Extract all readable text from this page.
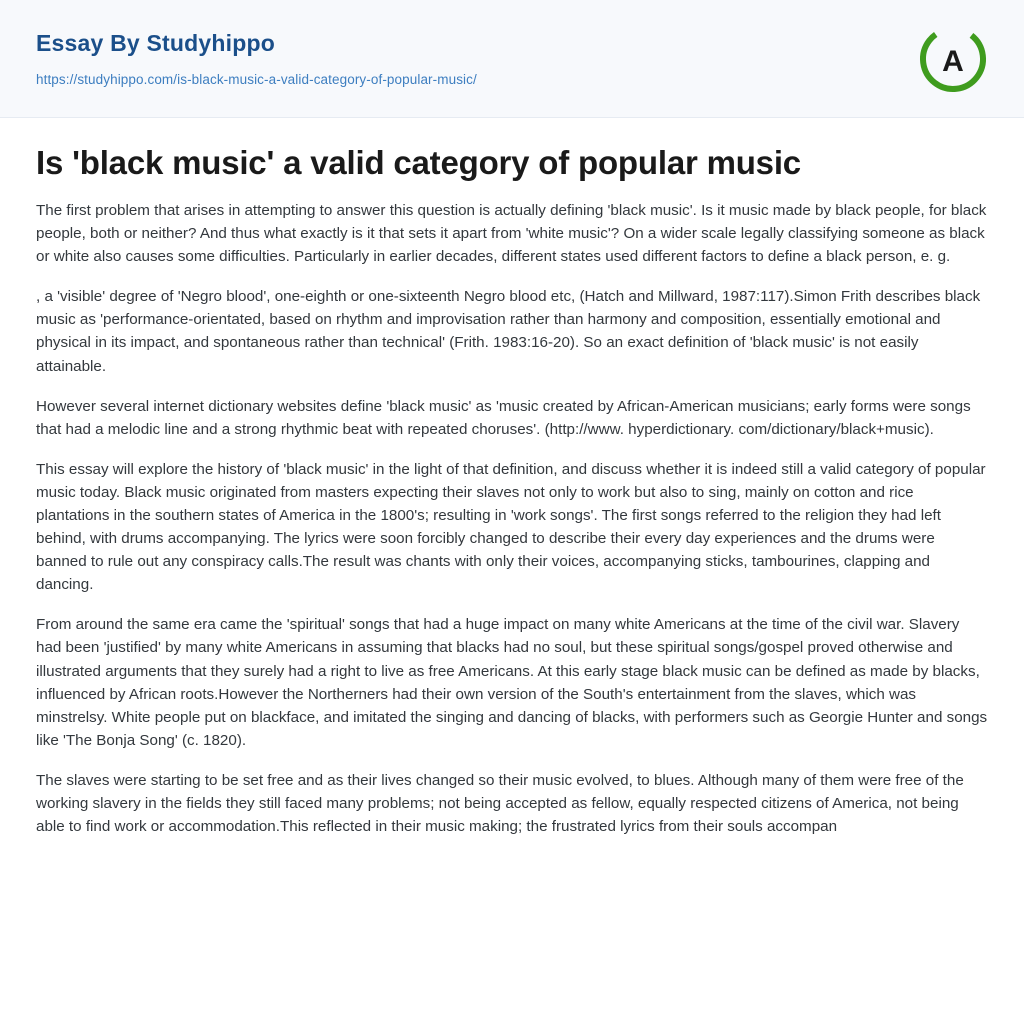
Essay By Studyhippo
https://studyhippo.com/is-black-music-a-valid-category-of-popular-music/
A
Is 'black music' a valid category of popular music

The first problem that arises in attempting to answer this question is actually defining 'black music'. Is it music made by black people, for black people, both or neither? And thus what exactly is it that sets it apart from 'white music'? On a wider scale legally classifying someone as black or white also causes some difficulties. Particularly in earlier decades, different states used different factors to define a black person, e. g.

, a 'visible' degree of 'Negro blood', one-eighth or one-sixteenth Negro blood etc, (Hatch and Millward, 1987:117).Simon Frith describes black music as 'performance-orientated, based on rhythm and improvisation rather than harmony and composition, essentially emotional and physical in its impact, and spontaneous rather than technical' (Frith. 1983:16-20). So an exact definition of 'black music' is not easily attainable.

However several internet dictionary websites define 'black music' as 'music created by African-American musicians; early forms were songs that had a melodic line and a strong rhythmic beat with repeated choruses'. (http://www. hyperdictionary. com/dictionary/black+music).

This essay will explore the history of 'black music' in the light of that definition, and discuss whether it is indeed still a valid category of popular music today. Black music originated from masters expecting their slaves not only to work but also to sing, mainly on cotton and rice plantations in the southern states of America in the 1800's; resulting in 'work songs'. The first songs referred to the religion they had left behind, with drums accompanying. The lyrics were soon forcibly changed to describe their every day experiences and the drums were banned to rule out any conspiracy calls.The result was chants with only their voices, accompanying sticks, tambourines, clapping and dancing.

From around the same era came the 'spiritual' songs that had a huge impact on many white Americans at the time of the civil war. Slavery had been 'justified' by many white Americans in assuming that blacks had no soul, but these spiritual songs/gospel proved otherwise and illustrated arguments that they surely had a right to live as free Americans. At this early stage black music can be defined as made by blacks, influenced by African roots.However the Northerners had their own version of the South's entertainment from the slaves, which was minstrelsy. White people put on blackface, and imitated the singing and dancing of blacks, with performers such as Georgie Hunter and songs like 'The Bonja Song' (c. 1820).

The slaves were starting to be set free and as their lives changed so their music evolved, to blues. Although many of them were free of the working slavery in the fields they still faced many problems; not being accepted as fellow, equally respected citizens of America, not being able to find work or accommodation.This reflected in their music making; the frustrated lyrics from their souls accompan
